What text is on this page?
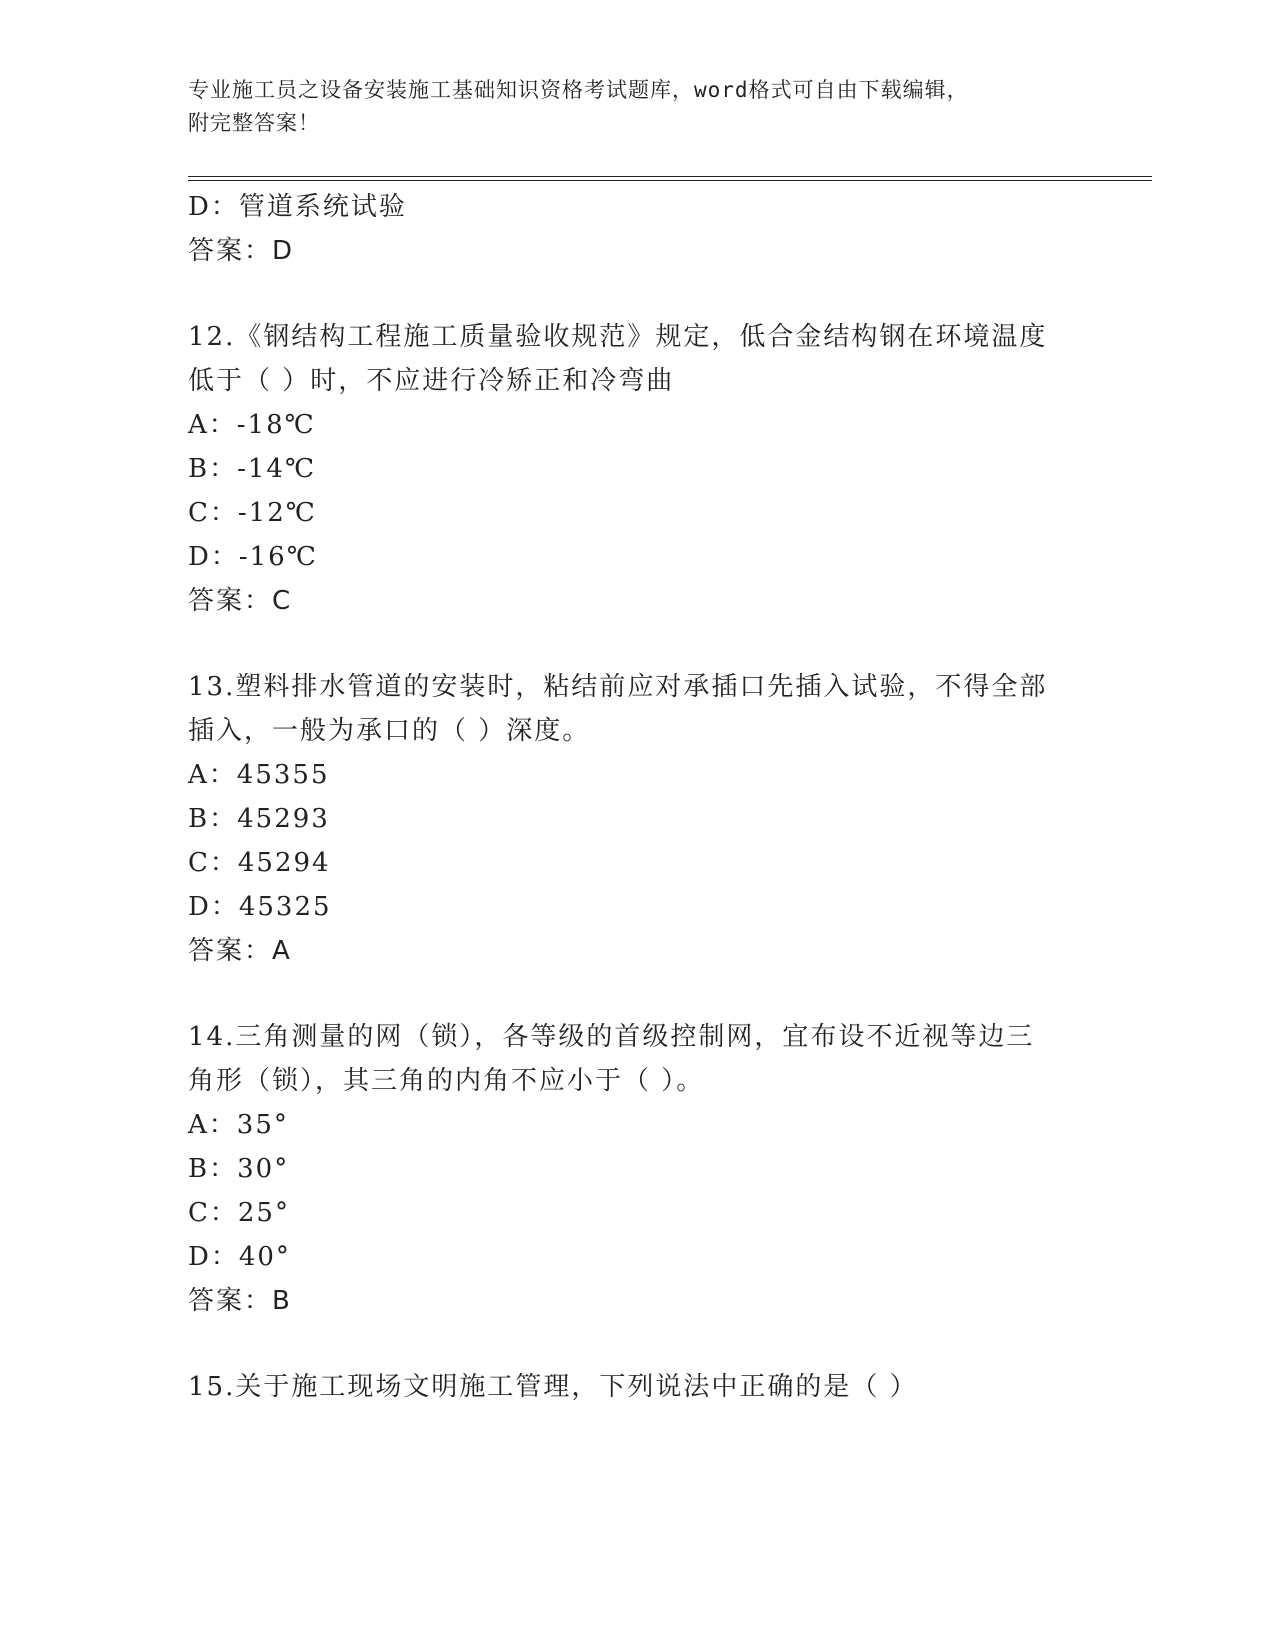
专业施工员之设备安装施工基础知识资格考试题库，word格式可自由下载编辑，
附完整答案！
D：管道系统试验
答案：D
12.《钢结构工程施工质量验收规范》规定，低合金结构钢在环境温度
低于（ ）时，不应进行冷矫正和冷弯曲
A：-18℃
B：-14℃
C：-12℃
D：-16℃
答案：C
13.塑料排水管道的安装时，粘结前应对承插口先插入试验，不得全部
插入，一般为承口的（ ）深度。
A：45355
B：45293
C：45294
D：45325
答案：A
14.三角测量的网（锁），各等级的首级控制网，宜布设不近视等边三
角形（锁），其三角的内角不应小于（ ）。
A：35°
B：30°
C：25°
D：40°
答案：B
15.关于施工现场文明施工管理，下列说法中正确的是（ ）
